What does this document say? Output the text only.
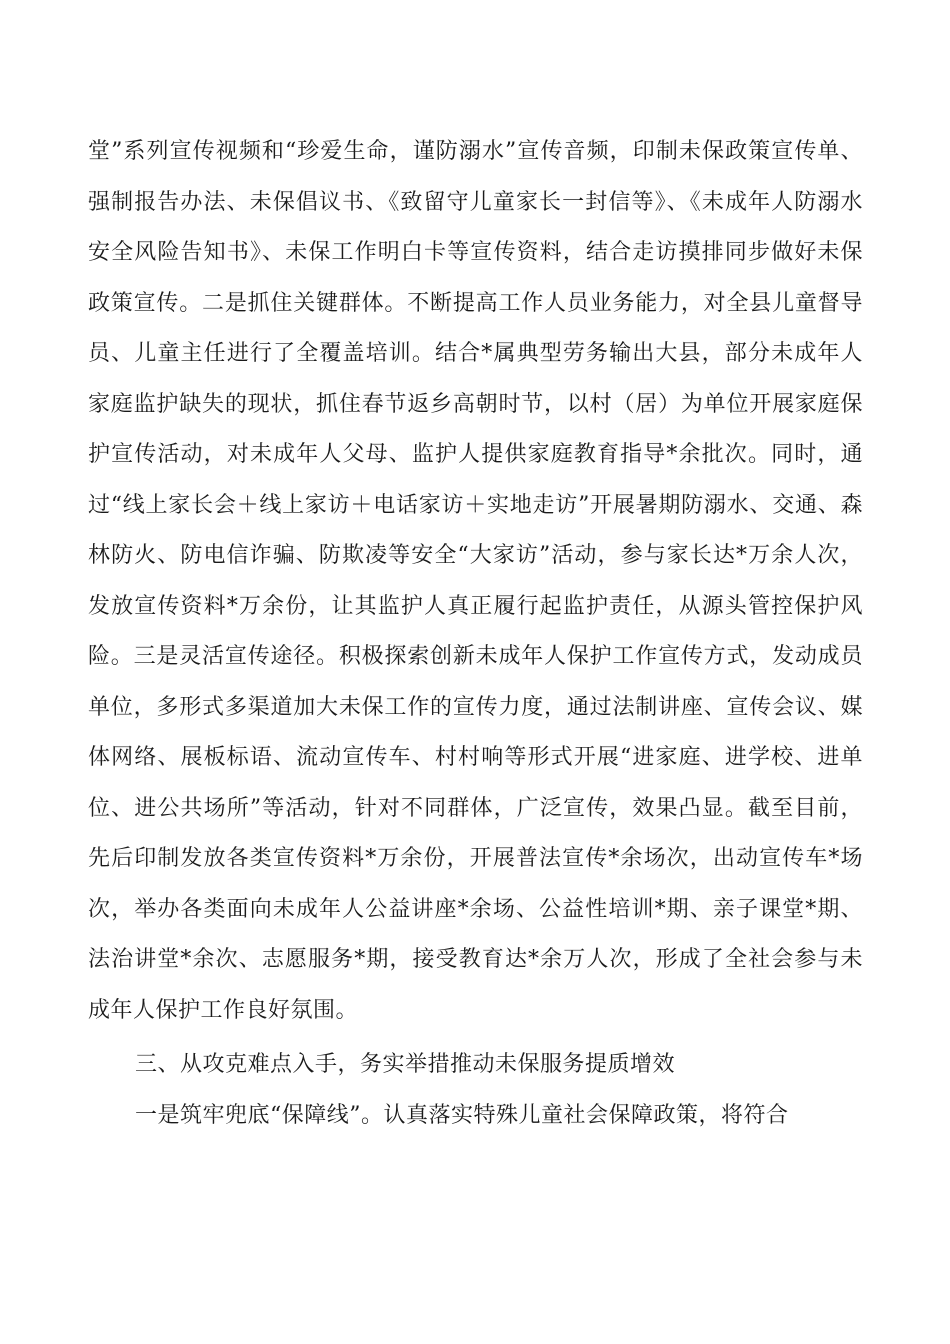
堂”系列宣传视频和“珍爱生命，谨防溺水”宣传音频，印制未保政策宣传单、强制报告办法、未保倡议书、《致留守儿童家长一封信等》、《未成年人防溺水安全风险告知书》、未保工作明白卡等宣传资料，结合走访摸排同步做好未保政策宣传。二是抓住关键群体。不断提高工作人员业务能力，对全县儿童督导员、儿童主任进行了全覆盖培训。结合*属典型劳务输出大县，部分未成年人家庭监护缺失的现状，抓住春节返乡高朝时节，以村（居）为单位开展家庭保护宣传活动，对未成年人父母、监护人提供家庭教育指导*余批次。同时，通过“线上家长会＋线上家访＋电话家访＋实地走访”开展暑期防溺水、交通、森林防火、防电信诈骗、防欺凌等安全“大家访”活动，参与家长达*万余人次，发放宣传资料*万余份，让其监护人真正履行起监护责任，从源头管控保护风险。三是灵活宣传途径。积极探索创新未成年人保护工作宣传方式，发动成员单位，多形式多渠道加大未保工作的宣传力度，通过法制讲座、宣传会议、媒体网络、展板标语、流动宣传车、村村响等形式开展“进家庭、进学校、进单位、进公共场所”等活动，针对不同群体，广泛宣传，效果凸显。截至目前，先后印制发放各类宣传资料*万余份，开展普法宣传*余场次，出动宣传车*场次，举办各类面向未成年人公益讲座*余场、公益性培训*期、亲子课堂*期、法治讲堂*余次、志愿服务*期，接受教育达*余万人次，形成了全社会参与未成年人保护工作良好氛围。

三、从攻克难点入手，务实举措推动未保服务提质增效

一是筑牢兜底“保障线”。认真落实特殊儿童社会保障政策，将符合
